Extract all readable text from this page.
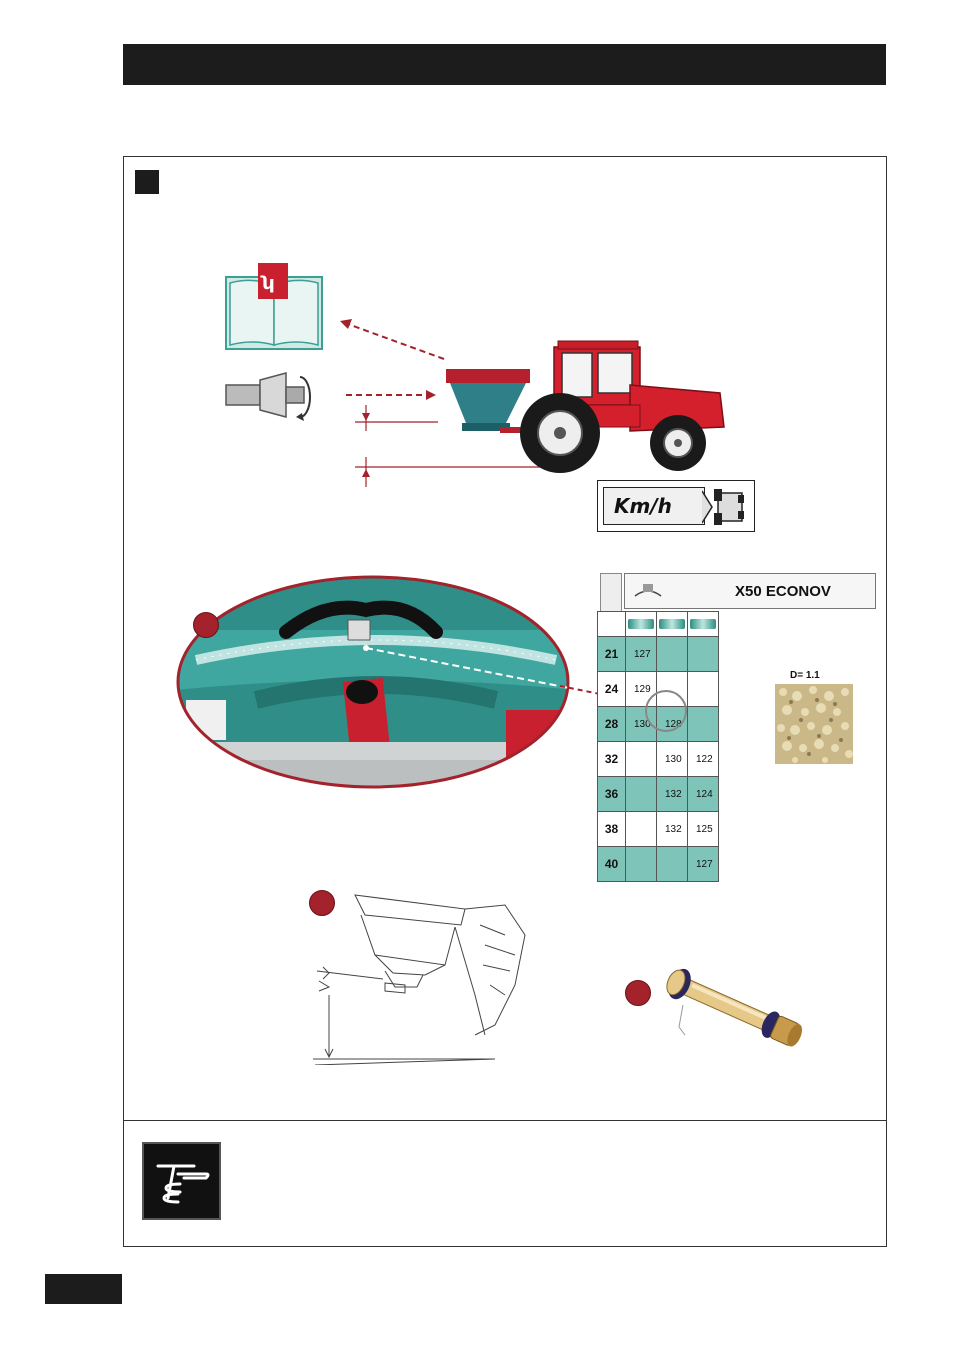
ʮ
Km/h
X50 ECONOV

21	127		
24	129		
28	130	128	
32		130	122
36		132	124
38		132	125
40			127
D= 1.1
